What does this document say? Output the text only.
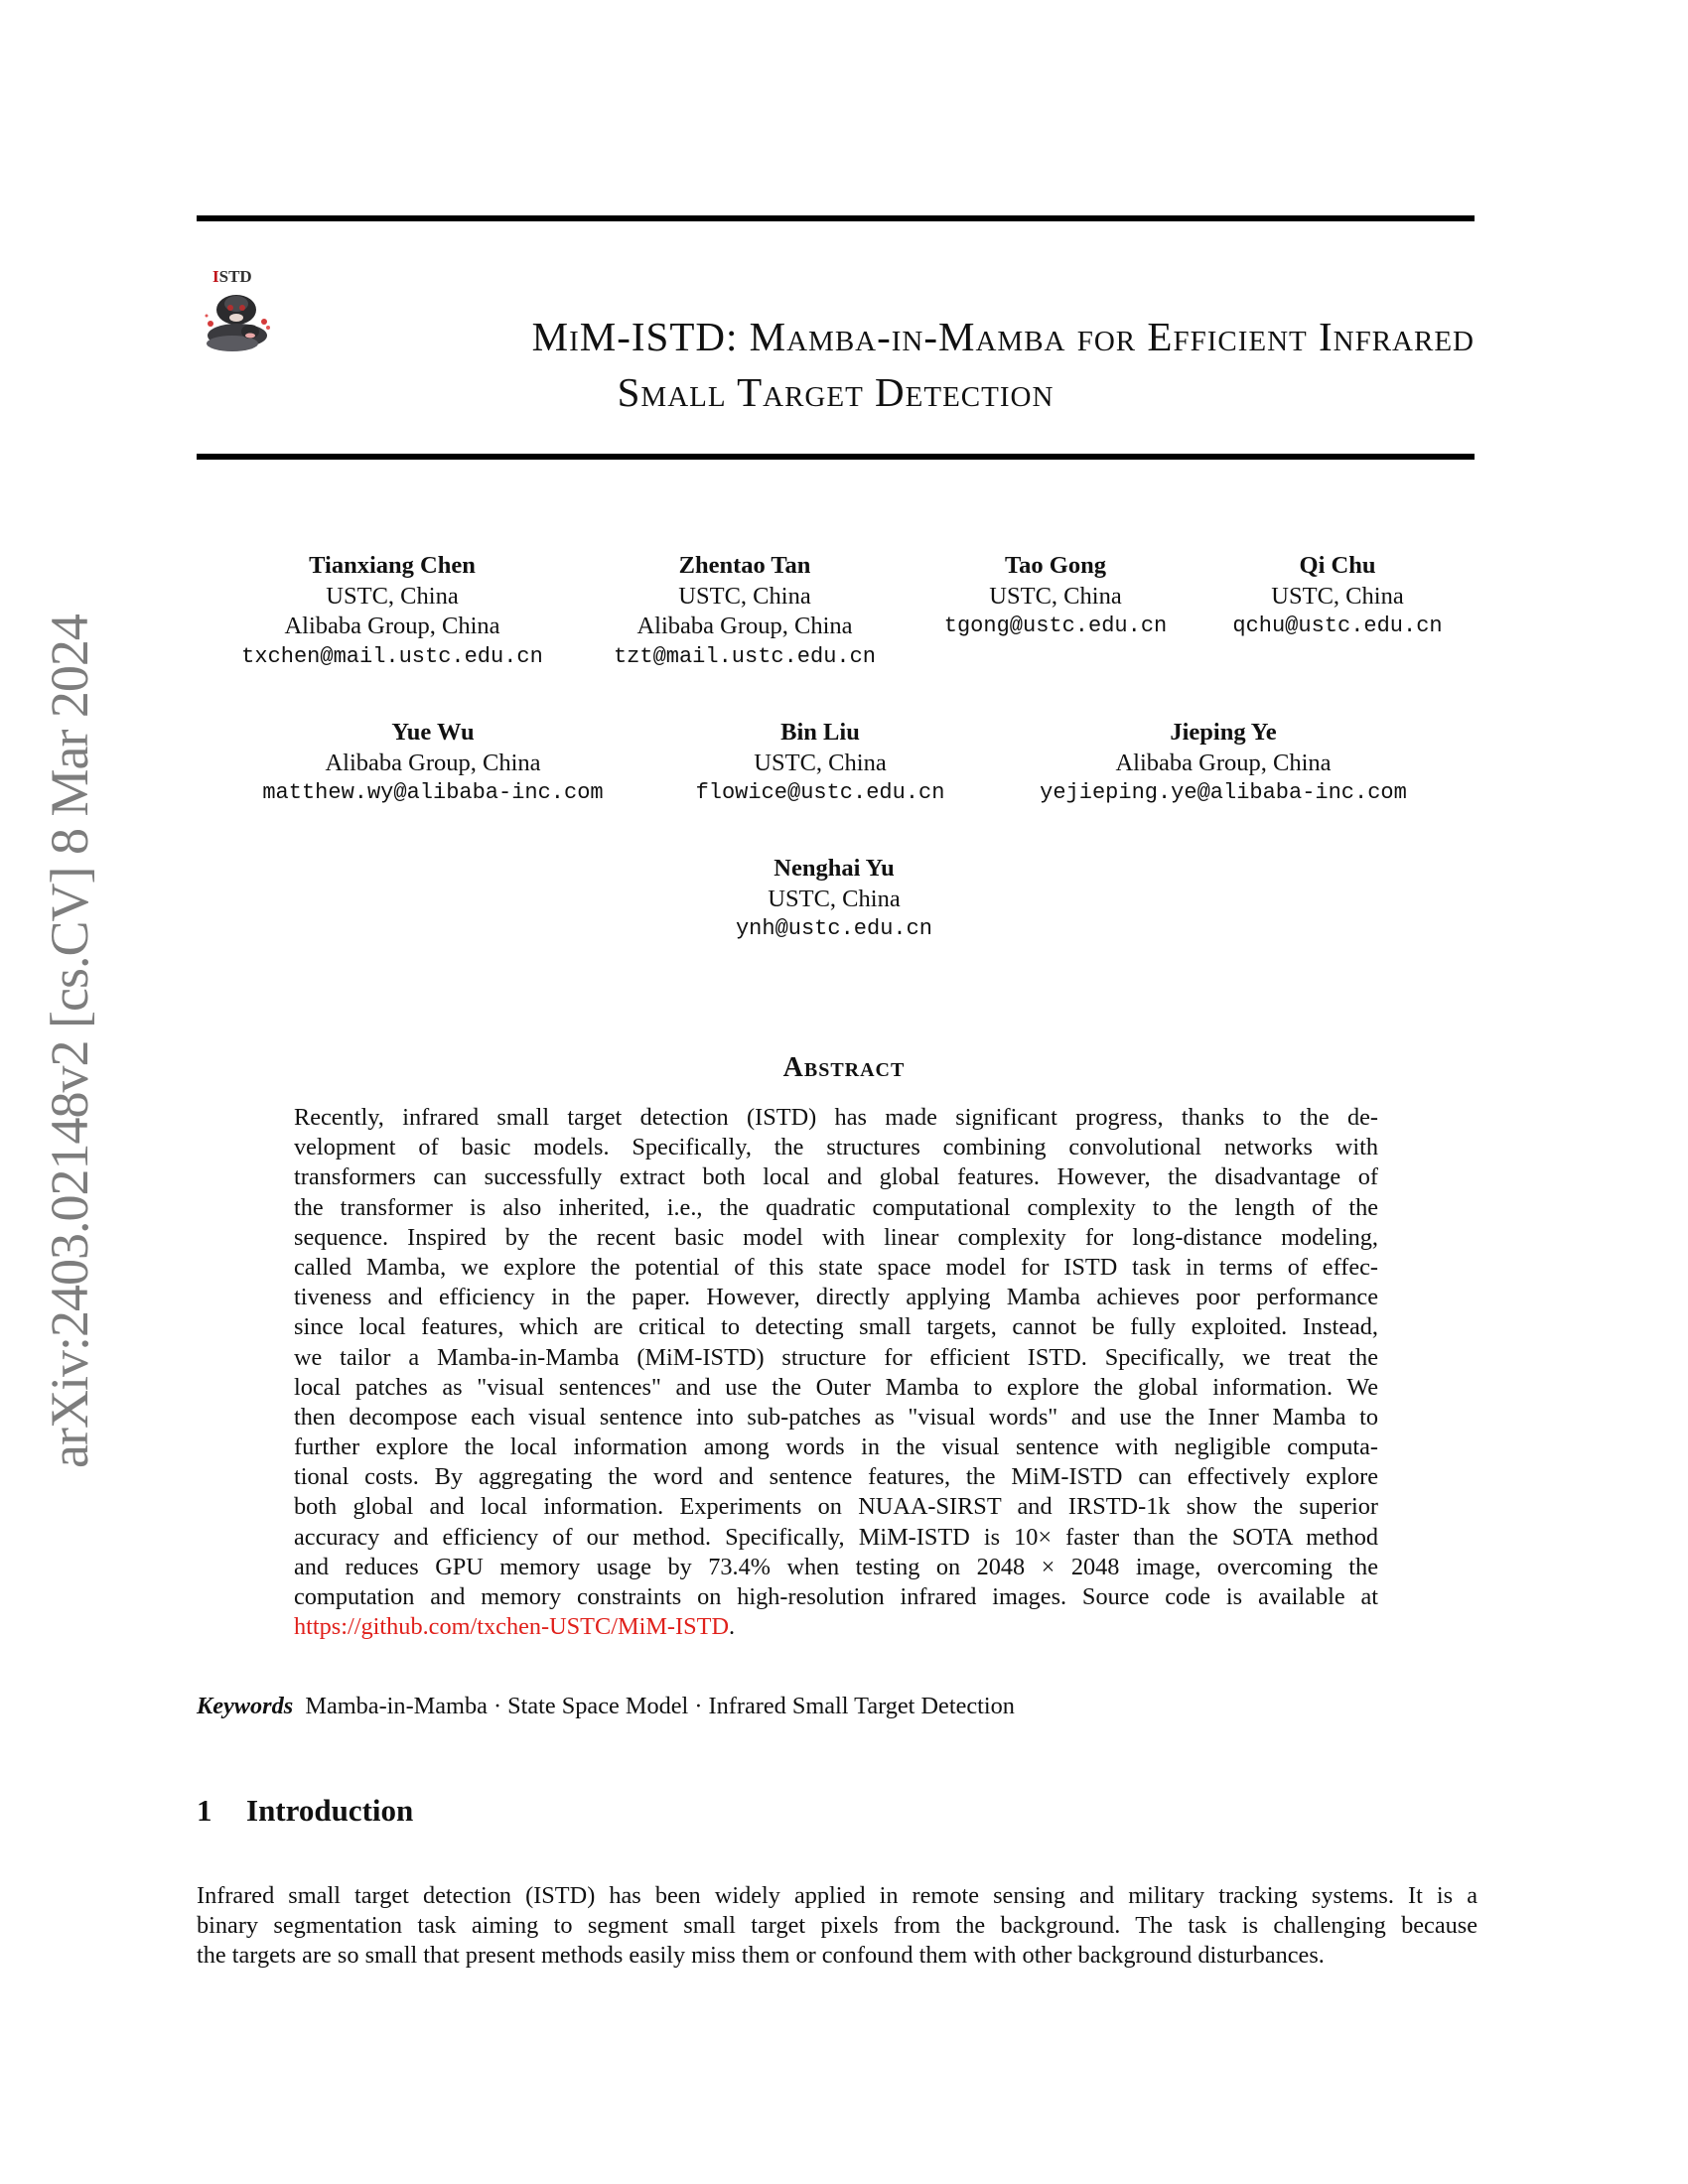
arXiv:2403.02148v2 [cs.CV] 8 Mar 2024
ISTD
MiM-ISTD: Mamba-in-Mamba for Efficient Infrared
Small Target Detection
Tianxiang Chen
USTC, China
Alibaba Group, China
txchen@mail.ustc.edu.cn
Zhentao Tan
USTC, China
Alibaba Group, China
tzt@mail.ustc.edu.cn
Tao Gong
USTC, China
tgong@ustc.edu.cn
Qi Chu
USTC, China
qchu@ustc.edu.cn
Yue Wu
Alibaba Group, China
matthew.wy@alibaba-inc.com
Bin Liu
USTC, China
flowice@ustc.edu.cn
Jieping Ye
Alibaba Group, China
yejieping.ye@alibaba-inc.com
Nenghai Yu
USTC, China
ynh@ustc.edu.cn
Abstract
Recently, infrared small target detection (ISTD) has made significant progress, thanks to the de-
velopment of basic models. Specifically, the structures combining convolutional networks with
transformers can successfully extract both local and global features. However, the disadvantage of
the transformer is also inherited, i.e., the quadratic computational complexity to the length of the
sequence. Inspired by the recent basic model with linear complexity for long-distance modeling,
called Mamba, we explore the potential of this state space model for ISTD task in terms of effec-
tiveness and efficiency in the paper. However, directly applying Mamba achieves poor performance
since local features, which are critical to detecting small targets, cannot be fully exploited. Instead,
we tailor a Mamba-in-Mamba (MiM-ISTD) structure for efficient ISTD. Specifically, we treat the
local patches as "visual sentences" and use the Outer Mamba to explore the global information. We
then decompose each visual sentence into sub-patches as "visual words" and use the Inner Mamba to
further explore the local information among words in the visual sentence with negligible computa-
tional costs. By aggregating the word and sentence features, the MiM-ISTD can effectively explore
both global and local information. Experiments on NUAA-SIRST and IRSTD-1k show the superior
accuracy and efficiency of our method. Specifically, MiM-ISTD is 10× faster than the SOTA method
and reduces GPU memory usage by 73.4% when testing on 2048 × 2048 image, overcoming the
computation and memory constraints on high-resolution infrared images. Source code is available at
https://github.com/txchen-USTC/MiM-ISTD.
Keywords Mamba-in-Mamba · State Space Model · Infrared Small Target Detection
1 Introduction
Infrared small target detection (ISTD) has been widely applied in remote sensing and military tracking systems. It is a
binary segmentation task aiming to segment small target pixels from the background. The task is challenging because
the targets are so small that present methods easily miss them or confound them with other background disturbances.
